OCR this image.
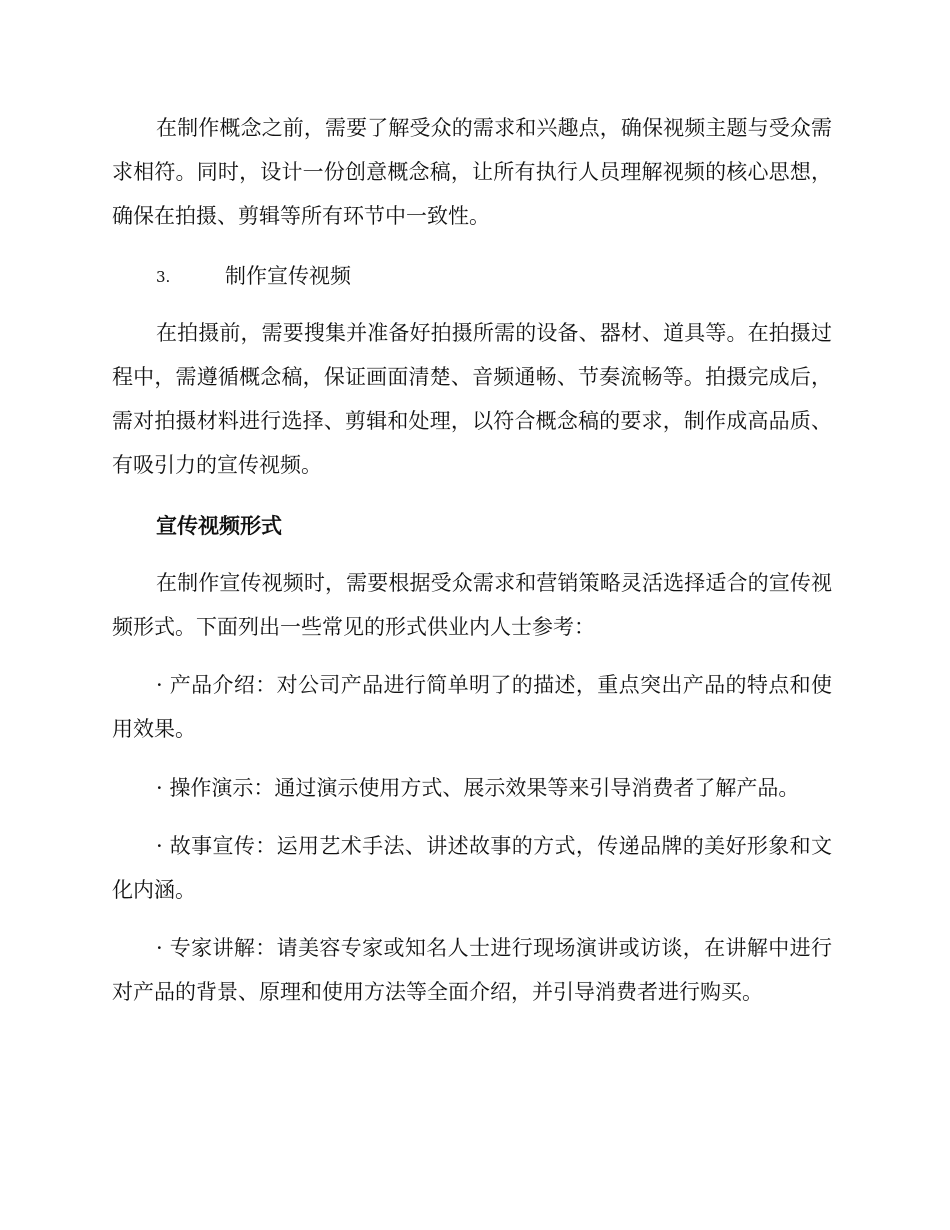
在制作概念之前，需要了解受众的需求和兴趣点，确保视频主题与受众需求相符。同时，设计一份创意概念稿，让所有执行人员理解视频的核心思想，确保在拍摄、剪辑等所有环节中一致性。

3.	制作宣传视频

在拍摄前，需要搜集并准备好拍摄所需的设备、器材、道具等。在拍摄过程中，需遵循概念稿，保证画面清楚、音频通畅、节奏流畅等。拍摄完成后，需对拍摄材料进行选择、剪辑和处理，以符合概念稿的要求，制作成高品质、有吸引力的宣传视频。

宣传视频形式

在制作宣传视频时，需要根据受众需求和营销策略灵活选择适合的宣传视频形式。下面列出一些常见的形式供业内人士参考：

· 产品介绍：对公司产品进行简单明了的描述，重点突出产品的特点和使用效果。

· 操作演示：通过演示使用方式、展示效果等来引导消费者了解产品。

· 故事宣传：运用艺术手法、讲述故事的方式，传递品牌的美好形象和文化内涵。

· 专家讲解：请美容专家或知名人士进行现场演讲或访谈，在讲解中进行对产品的背景、原理和使用方法等全面介绍，并引导消费者进行购买。
